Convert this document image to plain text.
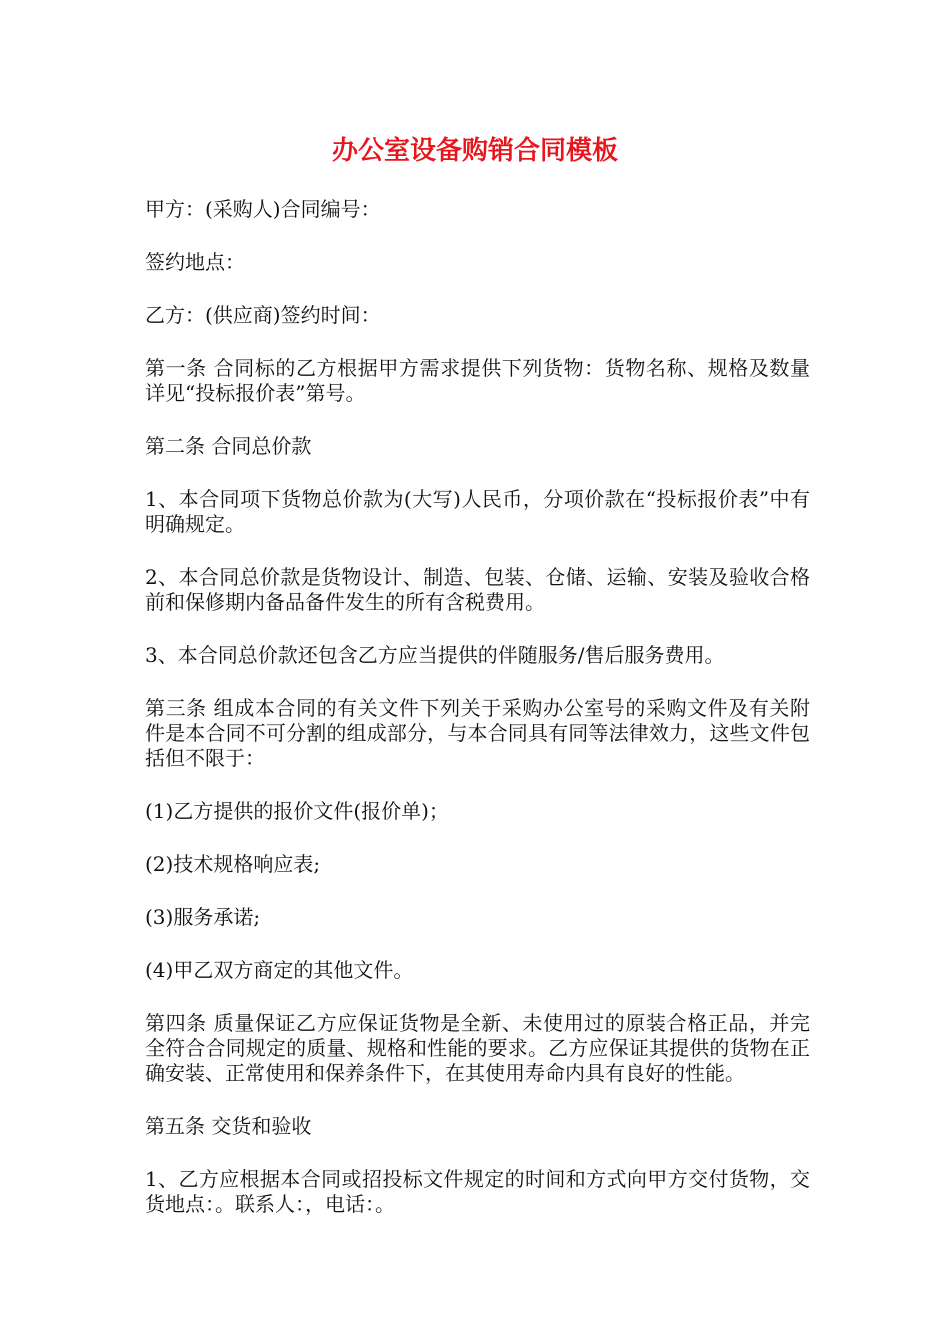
办公室设备购销合同模板

甲方：(采购人)合同编号：

签约地点：

乙方：(供应商)签约时间：

第一条 合同标的乙方根据甲方需求提供下列货物：货物名称、规格及数量详见“投标报价表”第号。

第二条 合同总价款

1、本合同项下货物总价款为(大写)人民币，分项价款在“投标报价表”中有明确规定。

2、本合同总价款是货物设计、制造、包装、仓储、运输、安装及验收合格前和保修期内备品备件发生的所有含税费用。

3、本合同总价款还包含乙方应当提供的伴随服务/售后服务费用。

第三条 组成本合同的有关文件下列关于采购办公室号的采购文件及有关附件是本合同不可分割的组成部分，与本合同具有同等法律效力，这些文件包括但不限于：

(1)乙方提供的报价文件(报价单)；

(2)技术规格响应表;

(3)服务承诺;

(4)甲乙双方商定的其他文件。

第四条 质量保证乙方应保证货物是全新、未使用过的原装合格正品，并完全符合合同规定的质量、规格和性能的要求。乙方应保证其提供的货物在正确安装、正常使用和保养条件下，在其使用寿命内具有良好的性能。

第五条 交货和验收

1、乙方应根据本合同或招投标文件规定的时间和方式向甲方交付货物，交货地点：。联系人：，电话：。
